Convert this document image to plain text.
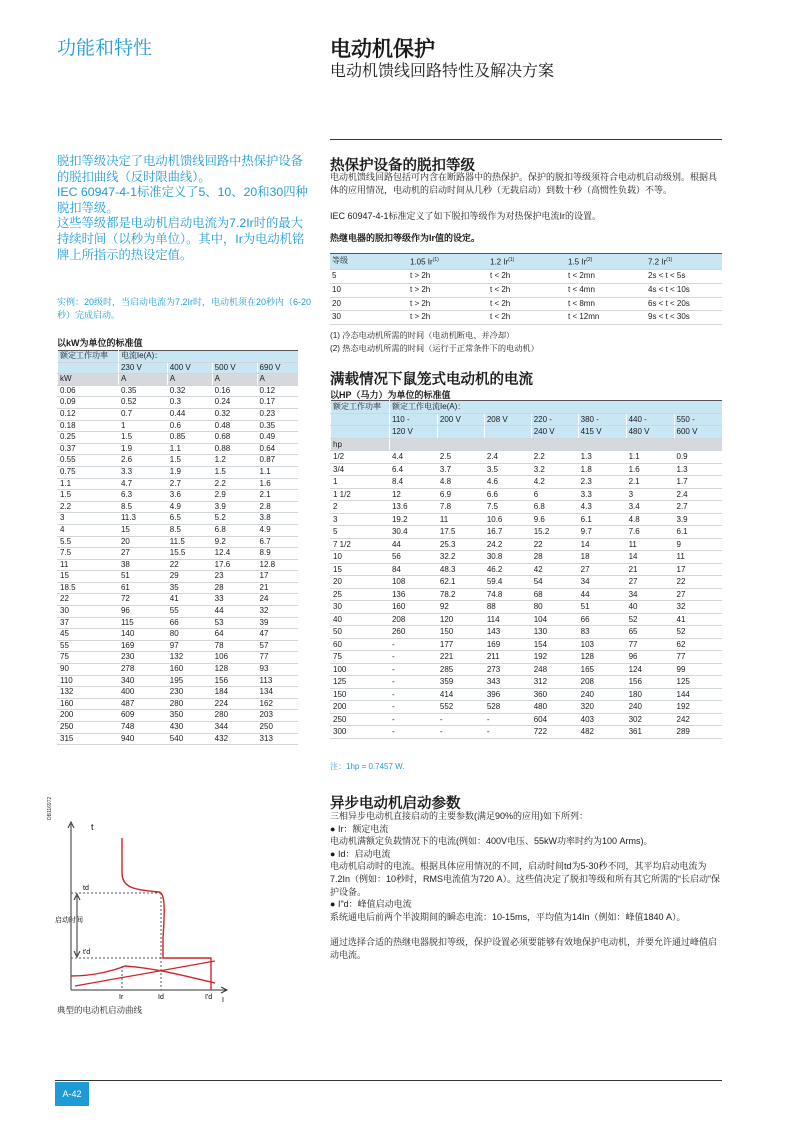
功能和特性	电动机保护
电动机馈线回路特性及解决方案

脱扣等级决定了电动机馈线回路中热保护设备的脱扣曲线（反时限曲线）。

IEC 60947-4-1标准定义了5、10、20和30四种脱扣等级。

这些等级都是电动机启动电流为7.2Ir时的最大持续时间（以秒为单位）。其中，Ir为电动机铭牌上所指示的热设定值。

实例：20级时，当启动电流为7.2Ir时，电动机须在20秒内（6-20秒）完成启动。
以kW为单位的标准值
额定工作功率	电流Ie(A)：			
	230 V	400 V	500 V	690 V
kW	A	A	A	A
0.06	0.35	0.32	0.16	0.12
0.09	0.52	0.3	0.24	0.17
0.12	0.7	0.44	0.32	0.23
0.18	1	0.6	0.48	0.35
0.25	1.5	0.85	0.68	0.49
0.37	1.9	1.1	0.88	0.64
0.55	2.6	1.5	1.2	0.87
0.75	3.3	1.9	1.5	1.1
1.1	4.7	2.7	2.2	1.6
1.5	6.3	3.6	2.9	2.1
2.2	8.5	4.9	3.9	2.8
3	11.3	6.5	5.2	3.8
4	15	8.5	6.8	4.9
5.5	20	11.5	9.2	6.7
7.5	27	15.5	12.4	8.9
11	38	22	17.6	12.8
15	51	29	23	17
18.5	61	35	28	21
22	72	41	33	24
30	96	55	44	32
37	115	66	53	39
45	140	80	64	47
55	169	97	78	57
75	230	132	106	77
90	278	160	128	93
110	340	195	156	113
132	400	230	184	134
160	487	280	224	162
200	609	350	280	203
250	748	430	344	250
315	940	540	432	313
DB116972
t
td
启动时间
t'd
Ir	Id	I'd I
典型的电动机启动曲线
热保护设备的脱扣等级
电动机馈线回路包括可内含在断路器中的热保护。保护的脱扣等级须符合电动机启动级别。根据具体的应用情况，电动机的启动时间从几秒（无载启动）到数十秒（高惯性负载）不等。
IEC 60947-4-1标准定义了如下脱扣等级作为对热保护电流Ir的设置。
热继电器的脱扣等级作为Ir值的设定。
等级	1.05 Ir$^{(1)}$	1.2 Ir$^{(1)}$	1.5 Ir$^{(2)}$	7.2 Ir$^{(1)}$
5	t > 2h	t < 2h	t < 2mn	2s < t < 5s
10	t > 2h	t < 2h	t < 4mn	4s < t < 10s
20	t > 2h	t < 2h	t < 8mn	6s < t < 20s
30	t > 2h	t < 2h	t < 12mn	9s < t < 30s
(1) 冷态电动机所需的时间（电动机断电、并冷却）
(2) 热态电动机所需的时间（运行于正常条件下的电动机）
满载情况下鼠笼式电动机的电流
以HP（马力）为单位的标准值
额定工作功率	额定工作电流Ie(A)：						
	110 -	200 V	208 V	220 -	380 -	440 -	550 -
	120 V			240 V	415 V	480 V	600 V
hp							
1/2	4.4	2.5	2.4	2.2	1.3	1.1	0.9
3/4	6.4	3.7	3.5	3.2	1.8	1.6	1.3
1	8.4	4.8	4.6	4.2	2.3	2.1	1.7
1 1/2	12	6.9	6.6	6	3.3	3	2.4
2	13.6	7.8	7.5	6.8	4.3	3.4	2.7
3	19.2	11	10.6	9.6	6.1	4.8	3.9
5	30.4	17.5	16.7	15.2	9.7	7.6	6.1
7 1/2	44	25.3	24.2	22	14	11	9
10	56	32.2	30.8	28	18	14	11
15	84	48.3	46.2	42	27	21	17
20	108	62.1	59.4	54	34	27	22
25	136	78.2	74.8	68	44	34	27
30	160	92	88	80	51	40	32
40	208	120	114	104	66	52	41
50	260	150	143	130	83	65	52
60	-	177	169	154	103	77	62
75	-	221	211	192	128	96	77
100	-	285	273	248	165	124	99
125	-	359	343	312	208	156	125
150	-	414	396	360	240	180	144
200	-	552	528	480	320	240	192
250	-	-	-	604	403	302	242
300	-	-	-	722	482	361	289
注：1hp = 0.7457 W.
异步电动机启动参数
三相异步电动机直接启动的主要参数(满足90%的应用)如下所列：
● Ir：额定电流
电动机满额定负载情况下的电流(例如：400V电压、55kW功率时约为100 Arms)。
● Id：启动电流
电动机启动时的电流。根据具体应用情况的不同，启动时间td为5-30秒不同，其平均启动电流为7.2In（例如：10秒时，RMS电流值为720 A）。这些值决定了脱扣等级和所有其它所需的“长启动”保护设备。
● I"d：峰值启动电流
系统通电后前两个半波期间的瞬态电流：10-15ms，平均值为14In（例如：峰值1840 A）。
通过选择合适的热继电器脱扣等级，保护设置必须要能够有效地保护电动机，并要允许通过峰值启动电流。
A-42
